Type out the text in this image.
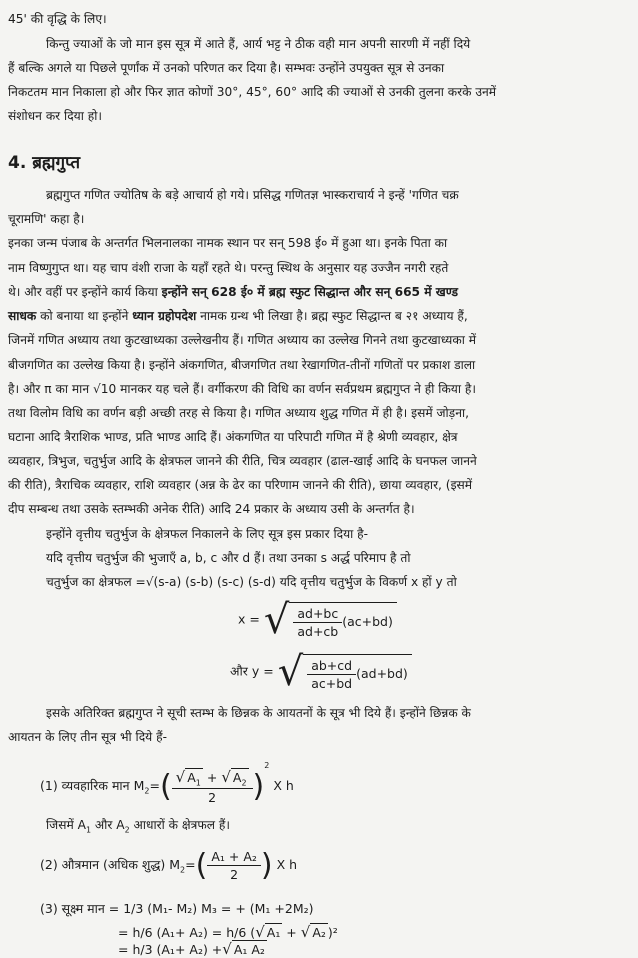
45' की वृद्धि के लिए।
किन्तु ज्याओं के जो मान इस सूत्र में आते हैं, आर्य भट्ट ने ठीक वही मान अपनी सारणी में नहीं दिये
हैं बल्कि अगले या पिछले पूर्णांक में उनको परिणत कर दिया है। सम्भवः उन्होंने उपयुक्त सूत्र से उनका
निकटतम मान निकाला हो और फिर ज्ञात कोणों 30°, 45°, 60° आदि की ज्याओं से उनकी तुलना करके उनमें
संशोधन कर दिया हो।
4. ब्रह्मगुप्त
ब्रह्मगुप्त गणित ज्योतिष के बड़े आचार्य हो गये। प्रसिद्ध गणितज्ञ भास्कराचार्य ने इन्हें 'गणित चक्र
चूरामणि' कहा है।
इनका जन्म पंजाब के अन्तर्गत भिलनालका नामक स्थान पर सन् 598 ई० में हुआ था। इनके पिता का
नाम विष्णुगुप्त था। यह चाप वंशी राजा के यहाँ रहते थे। परन्तु स्थिथ के अनुसार यह उज्जैन नगरी रहते
थे। और वहीं पर इन्होंने कार्य किया इन्होंने सन् 628 ई० में ब्रह्म स्फुट सिद्धान्त और सन् 665 में खण्ड
साधक को बनाया था इन्होंने ध्यान ग्रहोपदेश नामक ग्रन्थ भी लिखा है। ब्रह्म स्फुट सिद्धान्त ब २१ अध्याय हैं,
जिनमें गणित अध्याय तथा कुटखाध्यका उल्लेखनीय हैं। गणित अध्याय का उल्लेख गिनने तथा कुटखाध्यका में
बीजगणित का उल्लेख किया है। इन्होंने अंकगणित, बीजगणित तथा रेखागणित-तीनों गणितों पर प्रकाश डाला
है। और π का मान √10 मानकर यह चले हैं। वर्गीकरण की विधि का वर्णन सर्वप्रथम ब्रह्मगुप्त ने ही किया है।
तथा विलोम विधि का वर्णन बड़ी अच्छी तरह से किया है। गणित अध्याय शुद्ध गणित में ही है। इसमें जोड़ना,
घटाना आदि त्रैराशिक भाण्ड, प्रति भाण्ड आदि हैं। अंकगणित या परिपाटी गणित में है श्रेणी व्यवहार, क्षेत्र
व्यवहार, त्रिभुज, चतुर्भुज आदि के क्षेत्रफल जानने की रीति, चित्र व्यवहार (ढाल-खाई आदि के घनफल जानने
की रीति), त्रैराचिक व्यवहार, राशि व्यवहार (अन्न के ढेर का परिणाम जानने की रीति), छाया व्यवहार, (इसमें
दीप सम्बन्ध तथा उसके स्तम्भकी अनेक रीति) आदि 24 प्रकार के अध्याय उसी के अन्तर्गत है।
इन्होंने वृत्तीय चतुर्भुज के क्षेत्रफल निकालने के लिए सूत्र इस प्रकार दिया है-
यदि वृत्तीय चतुर्भुज की भुजाएँ a, b, c और d हैं। तथा उनका s अर्द्ध परिमाप है तो
चतुर्भुज का क्षेत्रफल =√(s-a) (s-b) (s-c) (s-d) यदि वृत्तीय चतुर्भुज के विकर्ण x हों y तो
x = √ $\frac{ad+bc}{ad+cb} (ac+bd)$
और y = √ $\frac{ab+cd}{ac+bd} (ad+bd)$
इसके अतिरिक्त ब्रह्मगुप्त ने सूची स्तम्भ के छिन्नक के आयतनों के सूत्र भी दिये हैं। इन्होंने छिन्नक के
आयतन के लिए तीन सूत्र भी दिये हैं-
(1) व्यवहारिक मान $M_2=( \frac{√ A_1 + √ A_2}{2} )^2$ X h
जिसमें $A_1$ और $A_2$ आधारों के क्षेत्रफल हैं।
(2) औत्रमान (अधिक शुद्ध) $M_2=( \frac{\text{A₁ + A₂}}{2}$ ) X h
(3) सूक्ष्म मान = 1/3 (M₁- M₂) M₃ = + (M₁ +2M₂)
= h/6 (A₁+ A₂) = h/6 (√ A₁ + √ A₂ )²
= h/3 (A₁+ A₂) +√ A₁ A₂
